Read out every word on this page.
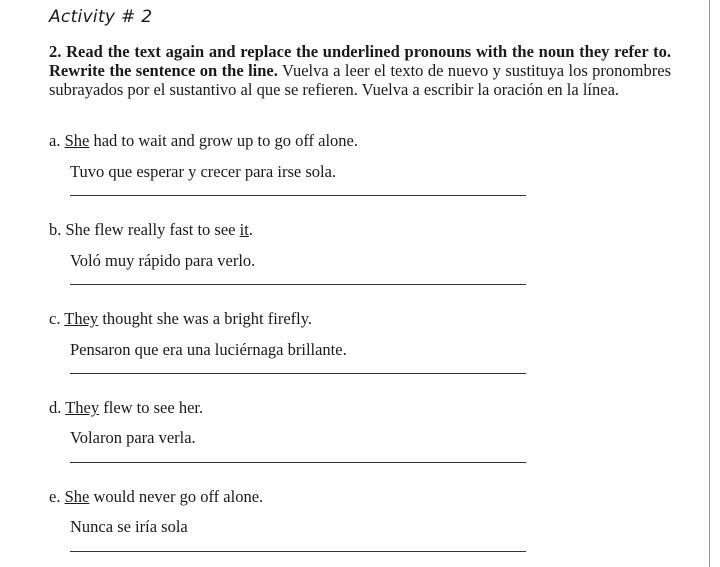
Activity # 2
2. Read the text again and replace the underlined pronouns with the noun they refer to. Rewrite the sentence on the line. Vuelva a leer el texto de nuevo y sustituya los pronombres subrayados por el sustantivo al que se refieren. Vuelva a escribir la oración en la línea.
a. She had to wait and grow up to go off alone.
Tuvo que esperar y crecer para irse sola.
b. She flew really fast to see it.
Voló muy rápido para verlo.
c. They thought she was a bright firefly.
Pensaron que era una luciérnaga brillante.
d. They flew to see her.
Volaron para verla.
e. She would never go off alone.
Nunca se iría sola
